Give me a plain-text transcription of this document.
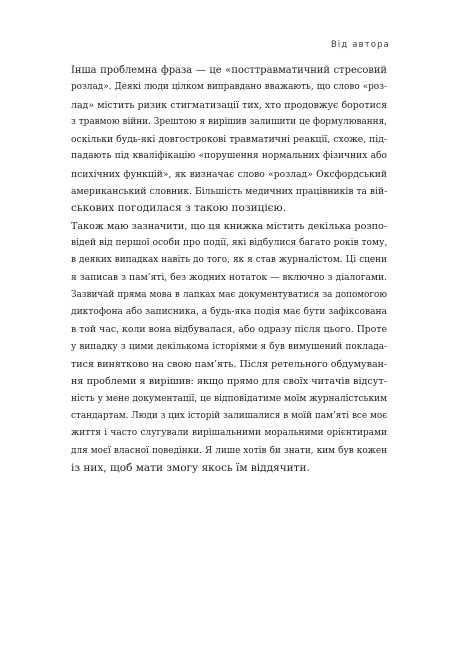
Від автора

Інша проблемна фраза — це «посттравматичний стресовий
розлад». Деякі люди цілком виправдано вважають, що слово «роз-
лад» містить ризик стигматизації тих, хто продовжує боротися
з травмою війни. Зрештою я вирішив залишити це формулювання,
оскільки будь-які довгострокові травматичні реакції, схоже, під-
падають під кваліфікацію «порушення нормальних фізичних або
психічних функцій», як визначає слово «розлад» Оксфордський
американський словник. Більшість медичних працівників та вій-
ськових погодилася з такою позицією.

Також маю зазначити, що ця книжка містить декілька розпо-
відей від першої особи про події, які відбулися багато років тому,
в деяких випадках навіть до того, як я став журналістом. Ці сцени
я записав з пам’яті, без жодних нотаток — включно з діалогами.
Зазвичай пряма мова в лапках має документуватися за допомогою
диктофона або записника, а будь-яка подія має бути зафіксована
в той час, коли вона відбувалася, або одразу після цього. Проте
у випадку з цими декількома історіями я був вимушений поклада-
тися винятково на свою пам’ять. Після ретельного обдумуван-
ня проблеми я вирішив: якщо прямо для своїх читачів відсут-
ність у мене документації, це відповідатиме моїм журналістським
стандартам. Люди з цих історій залишалися в моїй пам’яті все моє
життя і часто слугували вирішальними моральними орієнтирами
для моєї власної поведінки. Я лише хотів би знати, ким був кожен
із них, щоб мати змогу якось їм віддячити.
